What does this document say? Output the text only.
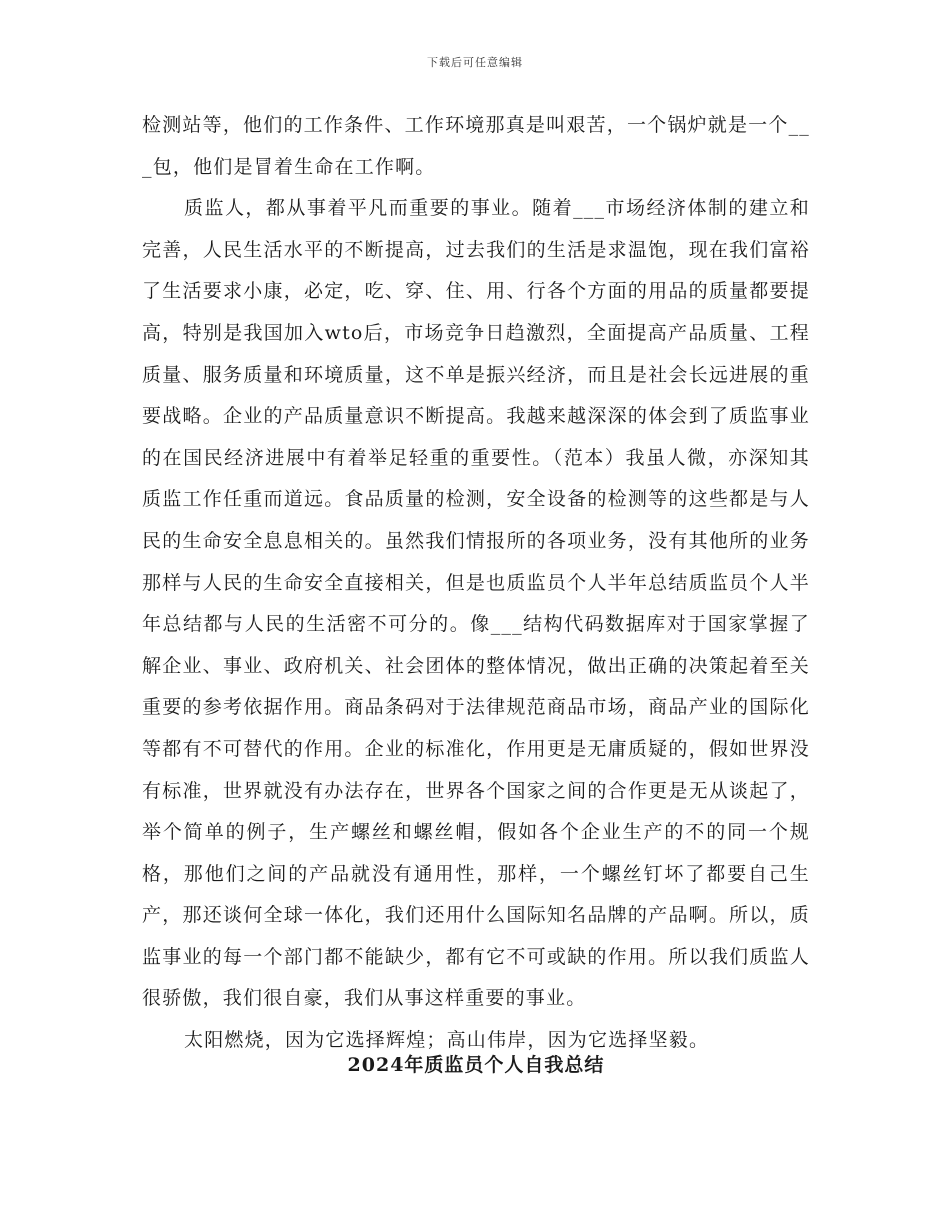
下载后可任意编辑

检测站等，他们的工作条件、工作环境那真是叫艰苦，一个锅炉就是一个___包，他们是冒着生命在工作啊。

质监人，都从事着平凡而重要的事业。随着___市场经济体制的建立和完善，人民生活水平的不断提高，过去我们的生活是求温饱，现在我们富裕了生活要求小康，必定，吃、穿、住、用、行各个方面的用品的质量都要提高，特别是我国加入wto后，市场竞争日趋激烈，全面提高产品质量、工程质量、服务质量和环境质量，这不单是振兴经济，而且是社会长远进展的重要战略。企业的产品质量意识不断提高。我越来越深深的体会到了质监事业的在国民经济进展中有着举足轻重的重要性。（范本）我虽人微，亦深知其质监工作任重而道远。食品质量的检测，安全设备的检测等的这些都是与人民的生命安全息息相关的。虽然我们情报所的各项业务，没有其他所的业务那样与人民的生命安全直接相关，但是也质监员个人半年总结质监员个人半年总结都与人民的生活密不可分的。像___结构代码数据库对于国家掌握了解企业、事业、政府机关、社会团体的整体情况，做出正确的决策起着至关重要的参考依据作用。商品条码对于法律规范商品市场，商品产业的国际化等都有不可替代的作用。企业的标准化，作用更是无庸质疑的，假如世界没有标准，世界就没有办法存在，世界各个国家之间的合作更是无从谈起了，举个简单的例子，生产螺丝和螺丝帽，假如各个企业生产的不的同一个规格，那他们之间的产品就没有通用性，那样，一个螺丝钉坏了都要自己生产，那还谈何全球一体化，我们还用什么国际知名品牌的产品啊。所以，质监事业的每一个部门都不能缺少，都有它不可或缺的作用。所以我们质监人很骄傲，我们很自豪，我们从事这样重要的事业。

太阳燃烧，因为它选择辉煌；高山伟岸，因为它选择坚毅。

2024年质监员个人自我总结
